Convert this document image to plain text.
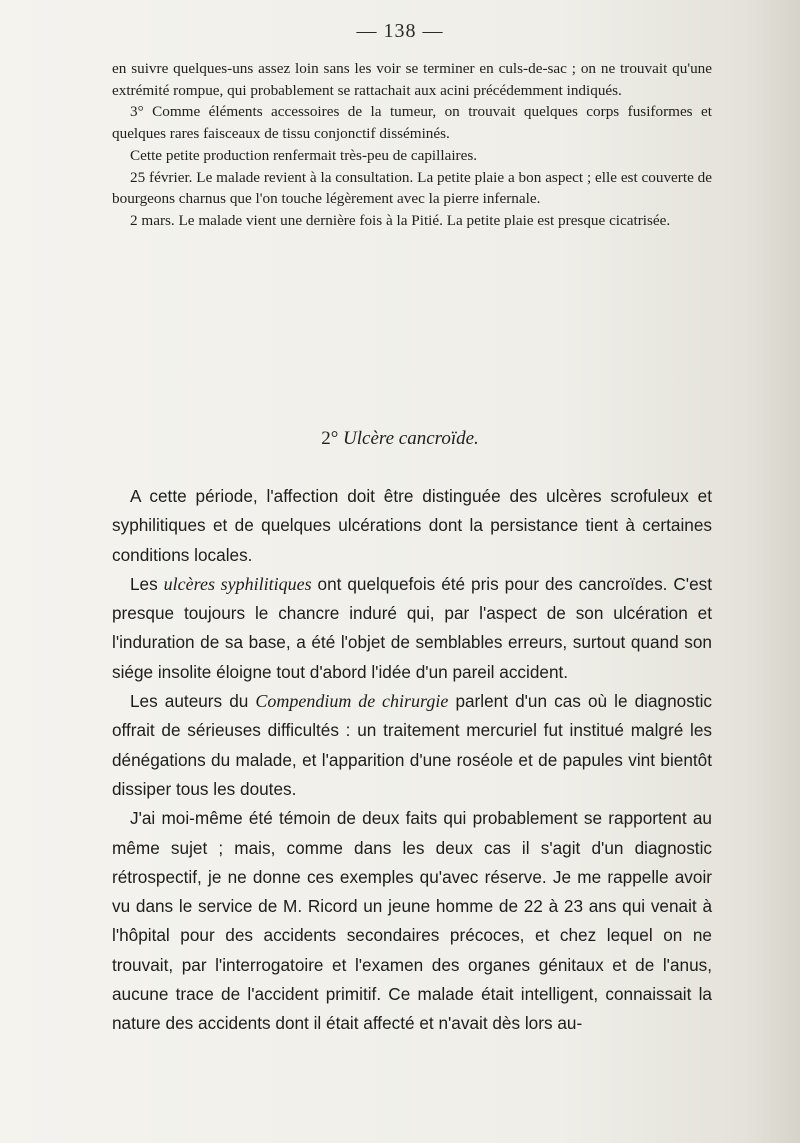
— 138 —

en suivre quelques-uns assez loin sans les voir se terminer en culs-de-sac ; on ne trouvait qu'une extrémité rompue, qui probablement se rattachait aux acini précédemment indiqués.

3° Comme éléments accessoires de la tumeur, on trouvait quelques corps fusiformes et quelques rares faisceaux de tissu conjonctif disséminés.

Cette petite production renfermait très-peu de capillaires.

25 février. Le malade revient à la consultation. La petite plaie a bon aspect ; elle est couverte de bourgeons charnus que l'on touche légèrement avec la pierre infernale.

2 mars. Le malade vient une dernière fois à la Pitié. La petite plaie est presque cicatrisée.

2° Ulcère cancroïde.

A cette période, l'affection doit être distinguée des ulcères scrofuleux et syphilitiques et de quelques ulcérations dont la persistance tient à certaines conditions locales.

Les ulcères syphilitiques ont quelquefois été pris pour des cancroïdes. C'est presque toujours le chancre induré qui, par l'aspect de son ulcération et l'induration de sa base, a été l'objet de semblables erreurs, surtout quand son siége insolite éloigne tout d'abord l'idée d'un pareil accident.

Les auteurs du Compendium de chirurgie parlent d'un cas où le diagnostic offrait de sérieuses difficultés : un traitement mercuriel fut institué malgré les dénégations du malade, et l'apparition d'une roséole et de papules vint bientôt dissiper tous les doutes.

J'ai moi-même été témoin de deux faits qui probablement se rapportent au même sujet ; mais, comme dans les deux cas il s'agit d'un diagnostic rétrospectif, je ne donne ces exemples qu'avec réserve. Je me rappelle avoir vu dans le service de M. Ricord un jeune homme de 22 à 23 ans qui venait à l'hôpital pour des accidents secondaires précoces, et chez lequel on ne trouvait, par l'interrogatoire et l'examen des organes génitaux et de l'anus, aucune trace de l'accident primitif. Ce malade était intelligent, connaissait la nature des accidents dont il était affecté et n'avait dès lors au-
